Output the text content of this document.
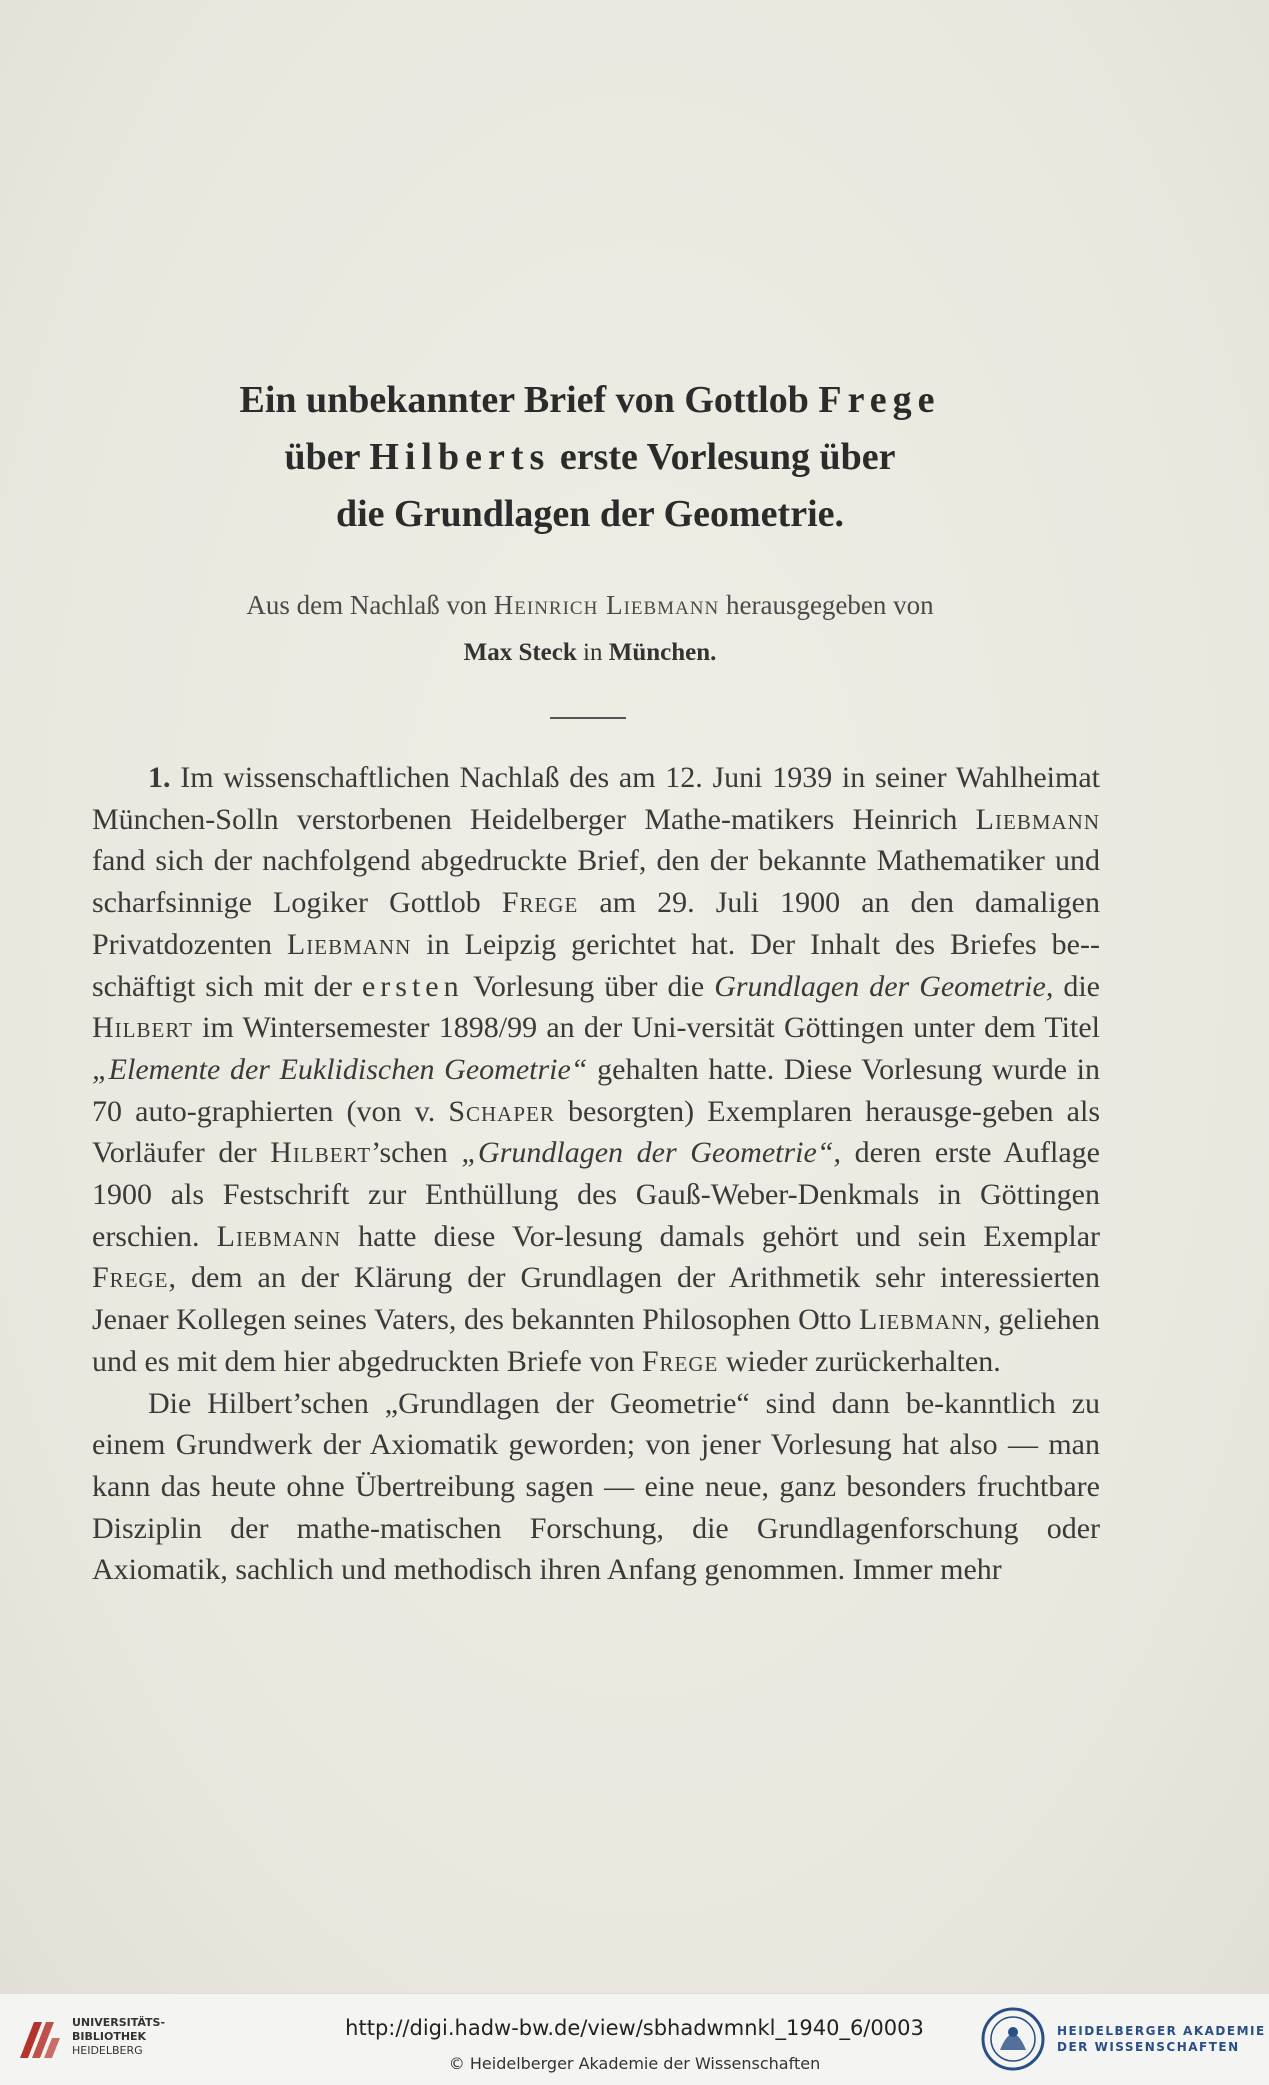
Ein unbekannter Brief von Gottlob Frege
über Hilberts erste Vorlesung über
die Grundlagen der Geometrie.
Aus dem Nachlaß von Heinrich Liebmann herausgegeben von
Max Steck in München.

1. Im wissenschaftlichen Nachlaß des am 12. Juni 1939 in seiner Wahlheimat München-Solln verstorbenen Heidelberger Mathe-matikers Heinrich Liebmann fand sich der nachfolgend abgedruckte Brief, den der bekannte Mathematiker und scharfsinnige Logiker Gottlob Frege am 29. Juli 1900 an den damaligen Privatdozenten Liebmann in Leipzig gerichtet hat. Der Inhalt des Briefes be-schäftigt sich mit der ersten Vorlesung über die Grundlagen der Geometrie, die Hilbert im Wintersemester 1898/99 an der Uni-versität Göttingen unter dem Titel „Elemente der Euklidischen Geometrie“ gehalten hatte. Diese Vorlesung wurde in 70 auto-graphierten (von v. Schaper besorgten) Exemplaren herausge-geben als Vorläufer der Hilbert’schen „Grundlagen der Geometrie“, deren erste Auflage 1900 als Festschrift zur Enthüllung des Gauß-Weber-Denkmals in Göttingen erschien. Liebmann hatte diese Vor-lesung damals gehört und sein Exemplar Frege, dem an der Klärung der Grundlagen der Arithmetik sehr interessierten Jenaer Kollegen seines Vaters, des bekannten Philosophen Otto Liebmann, geliehen und es mit dem hier abgedruckten Briefe von Frege wieder zurückerhalten.

Die Hilbert’schen „Grundlagen der Geometrie“ sind dann be-kanntlich zu einem Grundwerk der Axiomatik geworden; von jener Vorlesung hat also — man kann das heute ohne Übertreibung sagen — eine neue, ganz besonders fruchtbare Disziplin der mathe-matischen Forschung, die Grundlagenforschung oder Axiomatik, sachlich und methodisch ihren Anfang genommen. Immer mehr

UNIVERSITÄTS-
BIBLIOTHEK
HEIDELBERG
http://digi.hadw-bw.de/view/sbhadwmnkl_1940_6/0003
© Heidelberger Akademie der Wissenschaften
HEIDELBERGER AKADEMIE
DER WISSENSCHAFTEN
